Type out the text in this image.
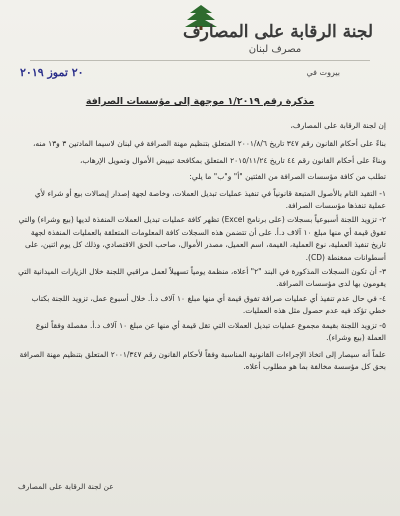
لجنة الرقابة على المصارف
مصرف لبنان
بيروت في
٢٠ تموز ٢٠١٩
مذكرة رقم ١/٢٠١٩ موجهة إلى مؤسسات الصرافة

إن لجنة الرقابة على المصارف،

بناءً على أحكام القانون رقم ٣٤٧ تاريخ ٢٠٠١/٨/٦ المتعلق بتنظيم مهنة الصرافة في لبنان لاسيما المادتين ٣ و١٣ منه،

وبناءً على أحكام القانون رقم ٤٤ تاريخ ٢٠١٥/١١/٢٤ المتعلق بمكافحة تبييض الأموال وتمويل الإرهاب،

تطلب من كافة مؤسسات الصرافة من الفئتين "أ" و"ب" ما يلي:

١- التقيد التام بالأصول المتبعة قانونياً في تنفيذ عمليات تبديل العملات، وخاصة لجهة إصدار إيصالات بيع أو شراء لأي عملية تنفذها مؤسسات الصرافة.
٢- تزويد اللجنة أسبوعياً بسجلات (على برنامج Excel) تظهر كافة عمليات تبديل العملات المنفذة لديها (بيع وشراء) والتي تفوق قيمة أي منها مبلغ ١٠ آلاف د.أ. على أن تتضمن هذه السجلات كافة المعلومات المتعلقة بالعمليات المنفذة لجهة تاريخ تنفيذ العملية، نوع العملية، القيمة، اسم العميل، مصدر الأموال، صاحب الحق الاقتصادي، وذلك كل يوم اثنين، على أسطوانات ممغنطة (CD).
٣- أن تكون السجلات المذكورة في البند "٢" أعلاه، منظمة يومياً تسهيلاً لعمل مراقبي اللجنة خلال الزيارات الميدانية التي يقومون بها لدى مؤسسات الصرافة.
٤- في حال عدم تنفيذ أي عمليات صرافة تفوق قيمة أي منها مبلغ ١٠ آلاف د.أ. خلال أسبوع عمل، تزويد اللجنة بكتاب خطي تؤكد فيه عدم حصول مثل هذه العمليات.
٥- تزويد اللجنة بقيمة مجموع عمليات تبديل العملات التي تقل قيمة أي منها عن مبلغ ١٠ آلاف د.أ. مفصلة وفقاً لنوع العملة (بيع وشراء).

علماً أنه سيصار إلى اتخاذ الإجراءات القانونية المناسبة وفقاً لأحكام القانون رقم ٢٠٠١/٣٤٧ المتعلق بتنظيم مهنة الصرافة بحق كل مؤسسة مخالفة بما هو مطلوب أعلاه.

عن لجنة الرقابة على المصارف
